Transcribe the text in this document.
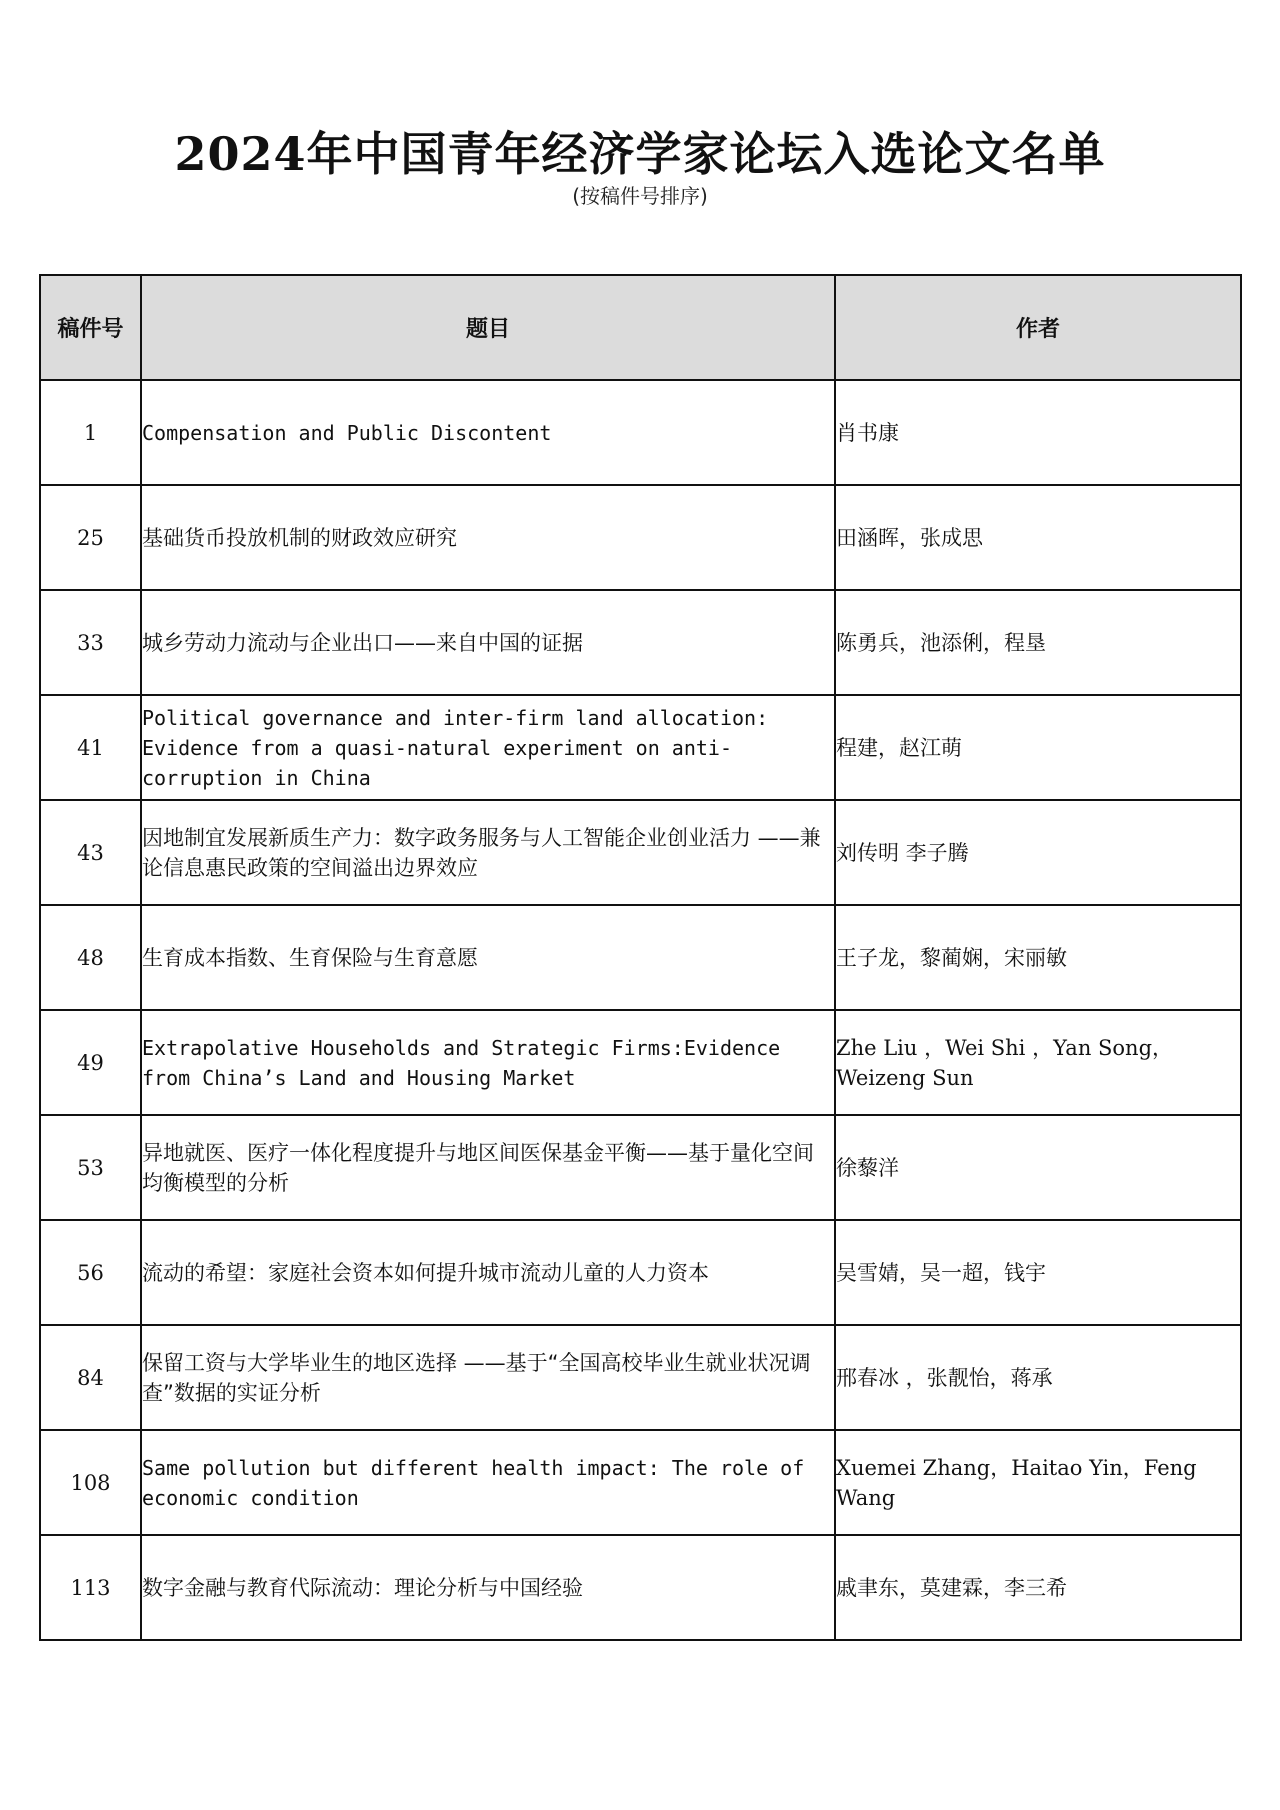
2024年中国青年经济学家论坛入选论文名单
(按稿件号排序)
稿件号	题目	作者
1	Compensation and Public Discontent	肖书康
25	基础货币投放机制的财政效应研究	田涵晖，张成思
33	城乡劳动力流动与企业出口——来自中国的证据	陈勇兵，池添俐，程垦
41	Political governance and inter-firm land allocation: Evidence from a quasi-natural experiment on anti-corruption in China	程建，赵江萌
43	因地制宜发展新质生产力：数字政务服务与人工智能企业创业活力 ——兼论信息惠民政策的空间溢出边界效应	刘传明 李子腾
48	生育成本指数、生育保险与生育意愿	王子龙，黎蔺娴，宋丽敏
49	Extrapolative Households and Strategic Firms:Evidence from China’s Land and Housing Market	Zhe Liu ，Wei Shi ，Yan Song，Weizeng Sun
53	异地就医、医疗一体化程度提升与地区间医保基金平衡——基于量化空间均衡模型的分析	徐藜洋
56	流动的希望：家庭社会资本如何提升城市流动儿童的人力资本	吴雪婧，吴一超，钱宇
84	保留工资与大学毕业生的地区选择 ——基于“全国高校毕业生就业状况调查”数据的实证分析	邢春冰 ，张靓怡，蒋承
108	Same pollution but different health impact: The role of economic condition	Xuemei Zhang，Haitao Yin，Feng Wang
113	数字金融与教育代际流动：理论分析与中国经验	戚聿东，莫建霖，李三希
